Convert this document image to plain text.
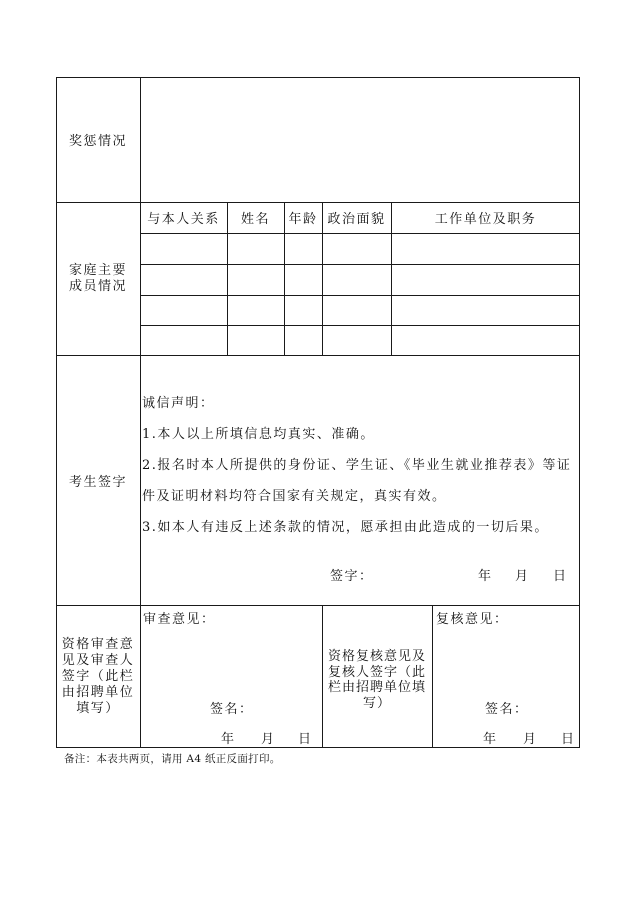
奖惩情况
家庭主要
成员情况
与本人关系 姓名 年龄 政治面貌	工作单位及职务
考生签字
诚信声明：
1.本人以上所填信息均真实、准确。
2.报名时本人所提供的身份证、学生证、《毕业生就业推荐表》等证
件及证明材料均符合国家有关规定，真实有效。
3.如本人有违反上述条款的情况，愿承担由此造成的一切后果。
签字：	年 月 日
资格审查意
见及审查人
签字（此栏
由招聘单位
填写）
审查意见：
签名：
年 月 日
资格复核意见及
复核人签字（此
栏由招聘单位填
写）
复核意见：
签名：
年 月 日
备注：本表共两页，请用 A4 纸正反面打印。
